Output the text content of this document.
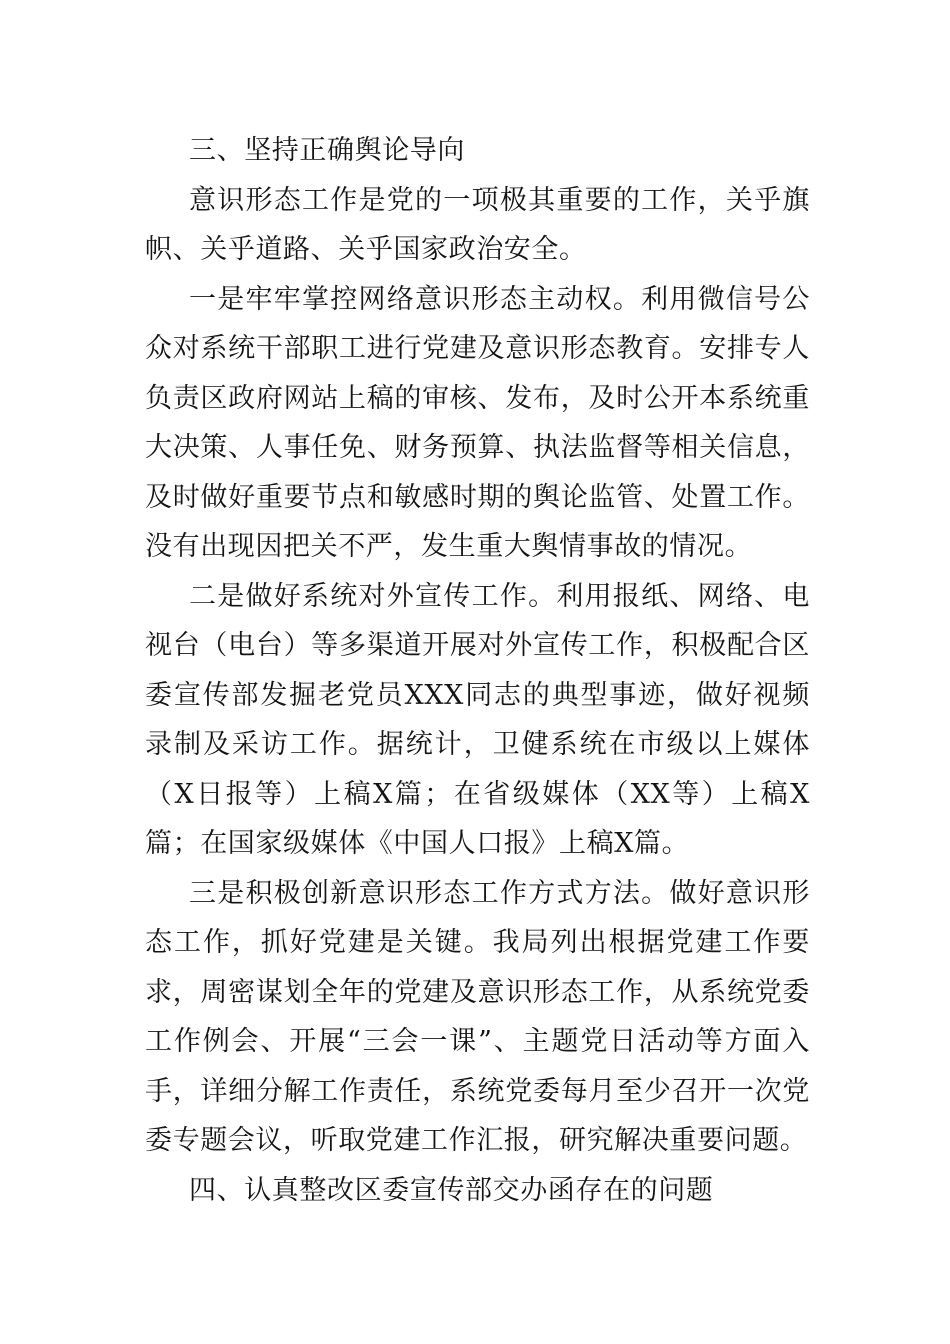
三、坚持正确舆论导向

意识形态工作是党的一项极其重要的工作，关乎旗帜、关乎道路、关乎国家政治安全。

一是牢牢掌控网络意识形态主动权。利用微信号公众对系统干部职工进行党建及意识形态教育。安排专人负责区政府网站上稿的审核、发布，及时公开本系统重大决策、人事任免、财务预算、执法监督等相关信息，及时做好重要节点和敏感时期的舆论监管、处置工作。没有出现因把关不严，发生重大舆情事故的情况。

二是做好系统对外宣传工作。利用报纸、网络、电视台（电台）等多渠道开展对外宣传工作，积极配合区委宣传部发掘老党员XXX同志的典型事迹，做好视频录制及采访工作。据统计，卫健系统在市级以上媒体（X日报等）上稿X篇；在省级媒体（XX等）上稿X篇；在国家级媒体《中国人口报》上稿X篇。

三是积极创新意识形态工作方式方法。做好意识形态工作，抓好党建是关键。我局列出根据党建工作要求，周密谋划全年的党建及意识形态工作，从系统党委工作例会、开展“三会一课”、主题党日活动等方面入手，详细分解工作责任，系统党委每月至少召开一次党委专题会议，听取党建工作汇报，研究解决重要问题。

四、认真整改区委宣传部交办函存在的问题
